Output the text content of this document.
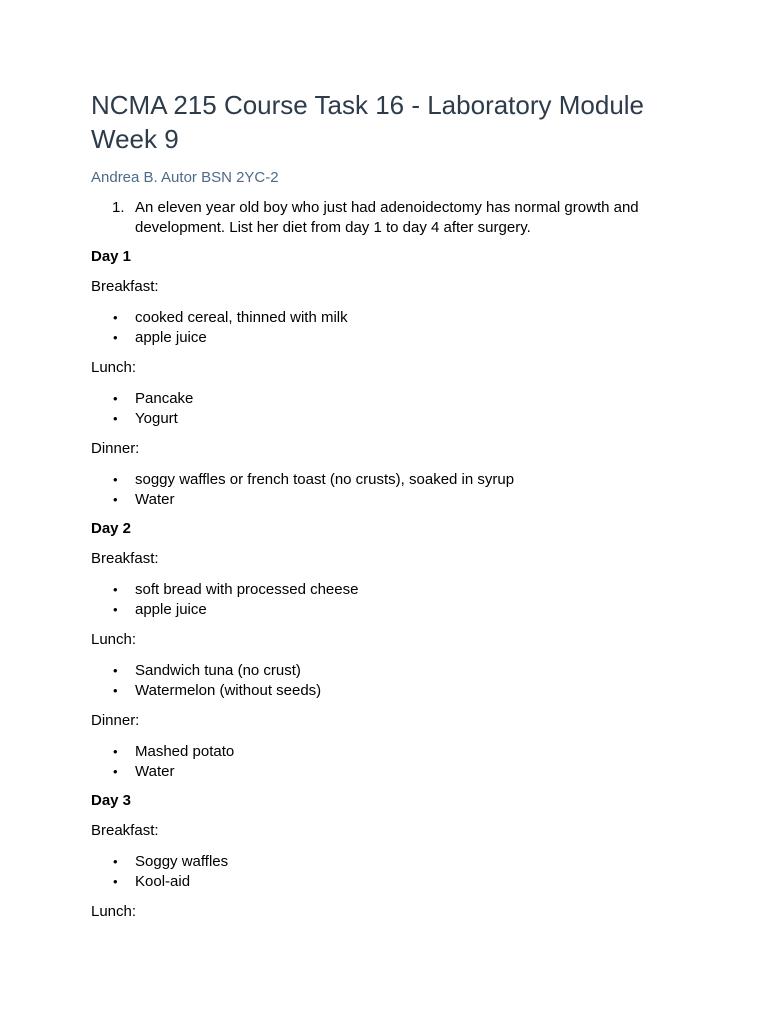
NCMA 215 Course Task 16 - Laboratory Module Week 9
Andrea B. Autor BSN 2YC-2
1. An eleven year old boy who just had adenoidectomy has normal growth and development. List her diet from day 1 to day 4 after surgery.
Day 1
Breakfast:
•	cooked cereal, thinned with milk
•	apple juice
Lunch:
•	Pancake
•	Yogurt
Dinner:
•	soggy waffles or french toast (no crusts), soaked in syrup
•	Water
Day 2
Breakfast:
•	soft bread with processed cheese
•	apple juice
Lunch:
•	Sandwich tuna (no crust)
•	Watermelon (without seeds)
Dinner:
•	Mashed potato
•	Water
Day 3
Breakfast:
•	Soggy waffles
•	Kool-aid
Lunch:
